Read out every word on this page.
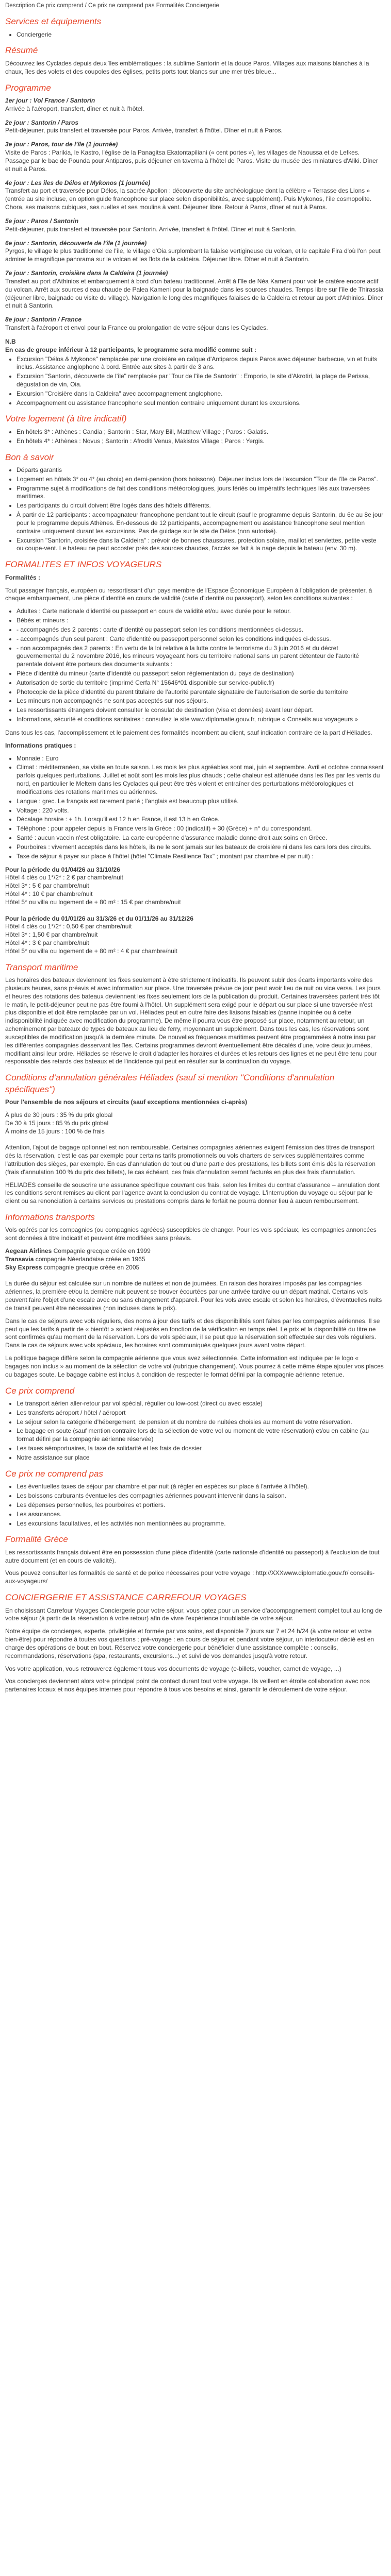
Description Ce prix comprend / Ce prix ne comprend pas Formalités Conciergerie

Services et équipements
• Conciergerie
Résumé

Découvrez les Cyclades depuis deux îles emblématiques : la sublime Santorin et la douce Paros. Villages aux maisons blanches à la chaux, îles des volets et des coupoles des églises, petits ports tout blancs sur une mer très bleue...

Programme
1er jour : Vol France / Santorin
Arrivée à l'aéroport, transfert, dîner et nuit à l'hôtel.
2e jour : Santorin / Paros
Petit-déjeuner, puis transfert et traversée pour Paros. Arrivée, transfert à l'hôtel. Dîner et nuit à Paros.
3e jour : Paros, tour de l'île (1 journée)
Visite de Paros : Parikia, le Kastro, l'église de la Panagitsa Ekatontapiliani (« cent portes »), les villages de Naoussa et de Lefkes. Passage par le bac de Pounda pour Antiparos, puis déjeuner en taverna à l'hôtel de Paros. Visite du musée des miniatures d'Aliki. Dîner et nuit à Paros.
4e jour : Les îles de Délos et Mykonos (1 journée)
Transfert au port et traversée pour Délos, la sacrée Apollon : découverte du site archéologique dont la célèbre « Terrasse des Lions » (entrée au site incluse, en option guide francophone sur place selon disponibilités, avec supplément). Puis Mykonos, l'île cosmopolite. Chora, ses maisons cubiques, ses ruelles et ses moulins à vent. Déjeuner libre. Retour à Paros, dîner et nuit à Paros.
5e jour : Paros / Santorin
Petit-déjeuner, puis transfert et traversée pour Santorin. Arrivée, transfert à l'hôtel. Dîner et nuit à Santorin.
6e jour : Santorin, découverte de l'île (1 journée)
Pyrgos, le village le plus traditionnel de l'île, le village d'Oia surplombant la falaise vertigineuse du volcan, et le capitale Fira d'où l'on peut admirer le magnifique panorama sur le volcan et les îlots de la caldeira. Déjeuner libre. Dîner et nuit à Santorin.
7e jour : Santorin, croisière dans la Caldeira (1 journée)
Transfert au port d'Athinios et embarquement à bord d'un bateau traditionnel. Arrêt à l'île de Néa Kameni pour voir le cratère encore actif du volcan. Arrêt aux sources d'eau chaude de Palea Kameni pour la baignade dans les sources chaudes. Temps libre sur l'île de Thirassia (déjeuner libre, baignade ou visite du village). Navigation le long des magnifiques falaises de la Caldeira et retour au port d'Athinios. Dîner et nuit à Santorin.
8e jour : Santorin / France
Transfert à l'aéroport et envol pour la France ou prolongation de votre séjour dans les Cyclades.
N.B
En cas de groupe inférieur à 12 participants, le programme sera modifié comme suit :
• Excursion "Délos & Mykonos" remplacée par une croisière en caïque d'Antiparos depuis Paros avec déjeuner barbecue, vin et fruits inclus. Assistance anglophone à bord. Entrée aux sites à partir de 3 ans.
• Excursion "Santorin, découverte de l'île" remplacée par "Tour de l'île de Santorin" : Emporio, le site d'Akrotiri, la plage de Perissa, dégustation de vin, Oia.
• Excursion "Croisière dans la Caldeira" avec accompagnement anglophone.
• Accompagnement ou assistance francophone seul mention contraire uniquement durant les excursions.
Votre logement (à titre indicatif)
• En hôtels 3* : Athènes : Candia ; Santorin : Star, Mary Bill, Matthew Village ; Paros : Galatis.
• En hôtels 4* : Athènes : Novus ; Santorin : Afroditi Venus, Makistos Village ; Paros : Yergis.
Bon à savoir
• Départs garantis
• Logement en hôtels 3* ou 4* (au choix) en demi-pension (hors boissons). Déjeuner inclus lors de l'excursion "Tour de l'île de Paros".
• Programme sujet à modifications de fait des conditions météorologiques, jours fériés ou impératifs techniques liés aux traversées maritimes.
• Les participants du circuit doivent être logés dans des hôtels différents.
• À partir de 12 participants : accompagnateur francophone pendant tout le circuit (sauf le programme depuis Santorin, du 6e au 8e jour pour le programme depuis Athènes. En-dessous de 12 participants, accompagnement ou assistance francophone seul mention contraire uniquement durant les excursions. Pas de guidage sur le site de Délos (non autorisé).
• Excursion "Santorin, croisière dans la Caldeira" : prévoir de bonnes chaussures, protection solaire, maillot et serviettes, petite veste ou coupe-vent. Le bateau ne peut accoster près des sources chaudes, l'accès se fait à la nage depuis le bateau (env. 30 m).
FORMALITES ET INFOS VOYAGEURS

Formalités :

Tout passager français, européen ou ressortissant d'un pays membre de l'Espace Économique Européen à l'obligation de présenter, à chaque embarquement, une pièce d'identité en cours de validité (carte d'identité ou passeport), selon les conditions suivantes :

• Adultes : Carte nationale d'identité ou passeport en cours de validité et/ou avec durée pour le retour.
• Bébés et mineurs :
• - accompagnés des 2 parents : carte d'identité ou passeport selon les conditions mentionnées ci-dessus.
• - accompagnés d'un seul parent : Carte d'identité ou passeport personnel selon les conditions indiquées ci-dessus.
• - non accompagnés des 2 parents : En vertu de la loi relative à la lutte contre le terrorisme du 3 juin 2016 et du décret gouvernemental du 2 novembre 2016, les mineurs voyageant hors du territoire national sans un parent détenteur de l'autorité parentale doivent être porteurs des documents suivants :
• Pièce d'identité du mineur (carte d'identité ou passeport selon réglementation du pays de destination)
• Autorisation de sortie du territoire (imprimé Cerfa N° 15646*01 disponible sur service-public.fr)
• Photocopie de la pièce d'identité du parent titulaire de l'autorité parentale signataire de l'autorisation de sortie du territoire
• Les mineurs non accompagnés ne sont pas acceptés sur nos séjours.
• Les ressortissants étrangers doivent consulter le consulat de destination (visa et données) avant leur départ.
• Informations, sécurité et conditions sanitaires : consultez le site www.diplomatie.gouv.fr, rubrique « Conseils aux voyageurs »

Dans tous les cas, l'accomplissement et le paiement des formalités incombent au client, sauf indication contraire de la part d'Héliades.

Informations pratiques :

• Monnaie : Euro
• Climat : méditerranéen, se visite en toute saison. Les mois les plus agréables sont mai, juin et septembre. Avril et octobre connaissent parfois quelques perturbations. Juillet et août sont les mois les plus chauds ; cette chaleur est atténuée dans les îles par les vents du nord, en particulier le Meltem dans les Cyclades qui peut être très violent et entraîner des perturbations météorologiques et modifications des rotations maritimes ou aériennes.
• Langue : grec. Le français est rarement parlé ; l'anglais est beaucoup plus utilisé.
• Voltage : 220 volts.
• Décalage horaire : + 1h. Lorsqu'il est 12 h en France, il est 13 h en Grèce.
• Téléphone : pour appeler depuis la France vers la Grèce : 00 (indicatif) + 30 (Grèce) + n° du correspondant.
• Santé : aucun vaccin n'est obligatoire. La carte européenne d'assurance maladie donne droit aux soins en Grèce.
• Pourboires : vivement acceptés dans les hôtels, ils ne le sont jamais sur les bateaux de croisière ni dans les cars lors des circuits.
• Taxe de séjour à payer sur place à l'hôtel (hôtel "Climate Resilience Tax" ; montant par chambre et par nuit) :
Pour la période du 01/04/26 au 31/10/26
Hôtel 4 clés ou 1*/2* : 2 € par chambre/nuit
Hôtel 3* : 5 € par chambre/nuit
Hôtel 4* : 10 € par chambre/nuit
Hôtel 5* ou villa ou logement de + 80 m² : 15 € par chambre/nuit

Pour la période du 01/01/26 au 31/3/26 et du 01/11/26 au 31/12/26
Hôtel 4 clés ou 1*/2* : 0,50 € par chambre/nuit
Hôtel 3* : 1,50 € par chambre/nuit
Hôtel 4* : 3 € par chambre/nuit
Hôtel 5* ou villa ou logement de + 80 m² : 4 € par chambre/nuit
Transport maritime

Les horaires des bateaux deviennent les fixes seulement à être strictement indicatifs. Ils peuvent subir des écarts importants voire des plusieurs heures, sans préavis et avec information sur place. Une traversée prévue de jour peut avoir lieu de nuit ou vice versa. Les jours et heures des rotations des bateaux deviennent les fixes seulement lors de la publication du produit. Certaines traversées partent très tôt le matin, le petit-déjeuner peut ne pas être fourni à l'hôtel. Un supplément sera exigé pour le départ ou sur place si une traversée n'est plus disponible et doit être remplacée par un vol. Héliades peut en outre faire des liaisons faisables (panne inopinée ou à cette indisponibilité indiquée avec modification du programme). De même il pourra vous être proposé sur place, notamment au retour, un acheminement par bateaux de types de bateaux au lieu de ferry, moyennant un supplément. Dans tous les cas, les réservations sont susceptibles de modification jusqu'à la dernière minute. De nouvelles fréquences maritimes peuvent être programmées à notre insu par les différentes compagnies desservant les îles. Certains programmes devront éventuellement être décalés d'une, voire deux journées, modifiant ainsi leur ordre. Héliades se réserve le droit d'adapter les horaires et durées et les retours des lignes et ne peut être tenu pour responsable des retards des bateaux et de l'incidence qui peut en résulter sur la continuation du voyage.

Conditions d'annulation générales Héliades (sauf si mention "Conditions d'annulation spécifiques")

Pour l'ensemble de nos séjours et circuits (sauf exceptions mentionnées ci-après)

À plus de 30 jours : 35 % du prix global
De 30 à 15 jours : 85 % du prix global
À moins de 15 jours : 100 % de frais

Attention, l'ajout de bagage optionnel est non remboursable. Certaines compagnies aériennes exigent l'émission des titres de transport dès la réservation, c'est le cas par exemple pour certains tarifs promotionnels ou vols charters de services supplémentaires comme l'attribution des sièges, par exemple. En cas d'annulation de tout ou d'une partie des prestations, les billets sont émis dès la réservation (frais d'annulation 100 % du prix des billets), le cas échéant, ces frais d'annulation seront facturés en plus des frais d'annulation.

HELIADES conseille de souscrire une assurance spécifique couvrant ces frais, selon les limites du contrat d'assurance – annulation dont les conditions seront remises au client par l'agence avant la conclusion du contrat de voyage. L'interruption du voyage ou séjour par le client ou sa renonciation à certains services ou prestations compris dans le forfait ne pourra donner lieu à aucun remboursement.

Informations transports

Vols opérés par les compagnies (ou compagnies agréées) susceptibles de changer. Pour les vols spéciaux, les compagnies annoncées sont données à titre indicatif et peuvent être modifiées sans préavis.

Aegean Airlines Compagnie grecque créée en 1999
Transavia compagnie Néerlandaise créée en 1965
Sky Express compagnie grecque créée en 2005

La durée du séjour est calculée sur un nombre de nuitées et non de journées. En raison des horaires imposés par les compagnies aériennes, la première et/ou la dernière nuit peuvent se trouver écourtées par une arrivée tardive ou un départ matinal. Certains vols peuvent faire l'objet d'une escale avec ou sans changement d'appareil. Pour les vols avec escale et selon les horaires, d'éventuelles nuits de transit peuvent être nécessaires (non incluses dans le prix).

Dans le cas de séjours avec vols réguliers, des noms à jour des tarifs et des disponibilités sont faites par les compagnies aériennes. Il se peut que les tarifs à partir de « bientôt » soient réajustés en fonction de la vérification en temps réel. Le prix et la disponibilité du titre ne sont confirmés qu'au moment de la réservation. Lors de vols spéciaux, il se peut que la réservation soit effectuée sur des vols réguliers. Dans le cas de séjours avec vols spéciaux, les horaires sont communiqués quelques jours avant votre départ.

La politique bagage diffère selon la compagnie aérienne que vous avez sélectionnée. Cette information est indiquée par le logo « bagages non inclus » au moment de la sélection de votre vol (rubrique changement). Vous pourrez à cette même étape ajouter vos places ou bagages soute. Le bagage cabine est inclus à condition de respecter le format défini par la compagnie aérienne retenue.

Ce prix comprend
• Le transport aérien aller-retour par vol spécial, régulier ou low-cost (direct ou avec escale)
• Les transferts aéroport / hôtel / aéroport
• Le séjour selon la catégorie d'hébergement, de pension et du nombre de nuitées choisies au moment de votre réservation.
• Le bagage en soute (sauf mention contraire lors de la sélection de votre vol ou moment de votre réservation) et/ou en cabine (au format défini par la compagnie aérienne réservée)
• Les taxes aéroportuaires, la taxe de solidarité et les frais de dossier
• Notre assistance sur place
Ce prix ne comprend pas
• Les éventuelles taxes de séjour par chambre et par nuit (à régler en espèces sur place à l'arrivée à l'hôtel).
• Les boissons carburants éventuelles des compagnies aériennes pouvant intervenir dans la saison.
• Les dépenses personnelles, les pourboires et portiers.
• Les assurances.
• Les excursions facultatives, et les activités non mentionnées au programme.
Formalité Grèce

Les ressortissants français doivent être en possession d'une pièce d'identité (carte nationale d'identité ou passeport) à l'exclusion de tout autre document (et en cours de validité).

Vous pouvez consulter les formalités de santé et de police nécessaires pour votre voyage : http://XXXwww.diplomatie.gouv.fr/ conseils-aux-voyageurs/

CONCIERGERIE ET ASSISTANCE CARREFOUR VOYAGES

En choisissant Carrefour Voyages Conciergerie pour votre séjour, vous optez pour un service d'accompagnement complet tout au long de votre séjour (à partir de la réservation à votre retour) afin de vivre l'expérience inoubliable de votre séjour.

Notre équipe de concierges, experte, privilégiée et formée par vos soins, est disponible 7 jours sur 7 et 24 h/24 (à votre retour et votre bien-être) pour répondre à toutes vos questions ; pré-voyage : en cours de séjour et pendant votre séjour, un interlocuteur dédié est en charge des opérations de bout en bout. Réservez votre conciergerie pour bénéficier d'une assistance complète : conseils, recommandations, réservations (spa, restaurants, excursions...) et suivi de vos demandes jusqu'à votre retour.

Vos votre application, vous retrouverez également tous vos documents de voyage (e-billets, voucher, carnet de voyage, ...)

Vos concierges deviennent alors votre principal point de contact durant tout votre voyage. Ils veillent en étroite collaboration avec nos partenaires locaux et nos équipes internes pour répondre à tous vos besoins et ainsi, garantir le déroulement de votre séjour.
